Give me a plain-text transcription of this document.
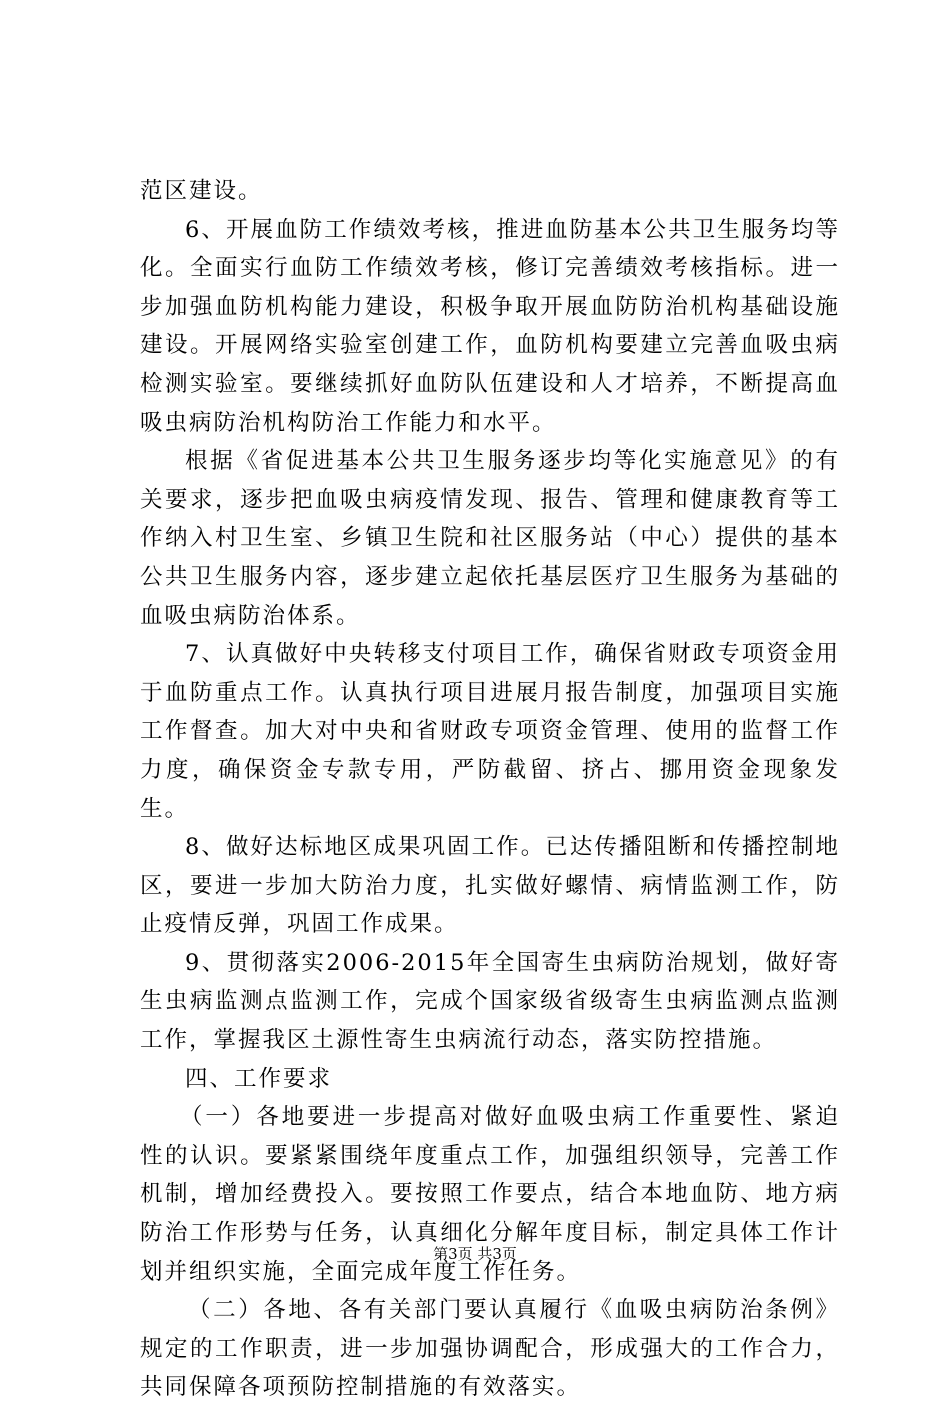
范区建设。

6、开展血防工作绩效考核，推进血防基本公共卫生服务均等化。全面实行血防工作绩效考核，修订完善绩效考核指标。进一步加强血防机构能力建设，积极争取开展血防防治机构基础设施建设。开展网络实验室创建工作，血防机构要建立完善血吸虫病检测实验室。要继续抓好血防队伍建设和人才培养，不断提高血吸虫病防治机构防治工作能力和水平。

根据《省促进基本公共卫生服务逐步均等化实施意见》的有关要求，逐步把血吸虫病疫情发现、报告、管理和健康教育等工作纳入村卫生室、乡镇卫生院和社区服务站（中心）提供的基本公共卫生服务内容，逐步建立起依托基层医疗卫生服务为基础的血吸虫病防治体系。

7、认真做好中央转移支付项目工作，确保省财政专项资金用于血防重点工作。认真执行项目进展月报告制度，加强项目实施工作督查。加大对中央和省财政专项资金管理、使用的监督工作力度，确保资金专款专用，严防截留、挤占、挪用资金现象发生。

8、做好达标地区成果巩固工作。已达传播阻断和传播控制地区，要进一步加大防治力度，扎实做好螺情、病情监测工作，防止疫情反弹，巩固工作成果。

9、贯彻落实2006-2015年全国寄生虫病防治规划，做好寄生虫病监测点监测工作，完成个国家级省级寄生虫病监测点监测工作，掌握我区土源性寄生虫病流行动态，落实防控措施。

四、工作要求

（一）各地要进一步提高对做好血吸虫病工作重要性、紧迫性的认识。要紧紧围绕年度重点工作，加强组织领导，完善工作机制，增加经费投入。要按照工作要点，结合本地血防、地方病防治工作形势与任务，认真细化分解年度目标，制定具体工作计划并组织实施，全面完成年度工作任务。

（二）各地、各有关部门要认真履行《血吸虫病防治条例》规定的工作职责，进一步加强协调配合，形成强大的工作合力，共同保障各项预防控制措施的有效落实。

第3页 共3页
